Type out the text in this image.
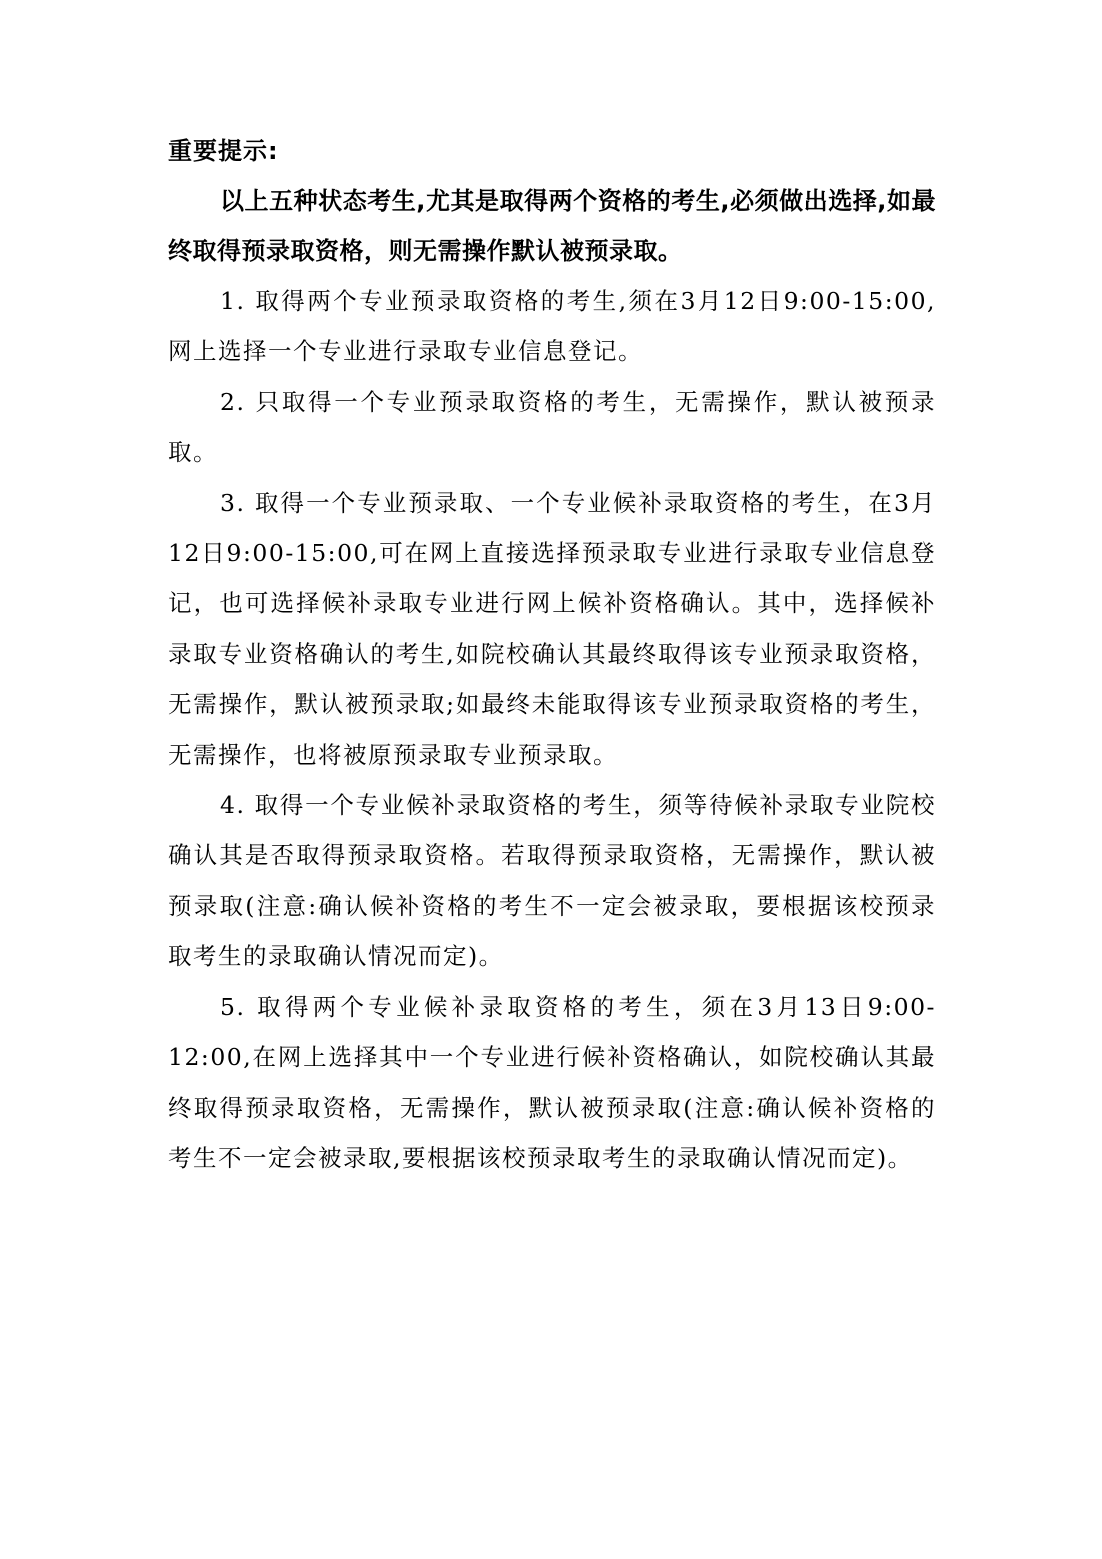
重要提示:

以上五种状态考生,尤其是取得两个资格的考生,必须做出选择,如最终取得预录取资格，则无需操作默认被预录取。

1. 取得两个专业预录取资格的考生,须在3月12日9:00-15:00,网上选择一个专业进行录取专业信息登记。

2. 只取得一个专业预录取资格的考生，无需操作，默认被预录取。

3. 取得一个专业预录取、一个专业候补录取资格的考生，在3月12日9:00-15:00,可在网上直接选择预录取专业进行录取专业信息登记，也可选择候补录取专业进行网上候补资格确认。其中，选择候补录取专业资格确认的考生,如院校确认其最终取得该专业预录取资格，无需操作，默认被预录取;如最终未能取得该专业预录取资格的考生，无需操作，也将被原预录取专业预录取。

4. 取得一个专业候补录取资格的考生，须等待候补录取专业院校确认其是否取得预录取资格。若取得预录取资格，无需操作，默认被预录取(注意:确认候补资格的考生不一定会被录取，要根据该校预录取考生的录取确认情况而定)。

5. 取得两个专业候补录取资格的考生，须在3月13日9:00-12:00,在网上选择其中一个专业进行候补资格确认，如院校确认其最终取得预录取资格，无需操作，默认被预录取(注意:确认候补资格的考生不一定会被录取,要根据该校预录取考生的录取确认情况而定)。
